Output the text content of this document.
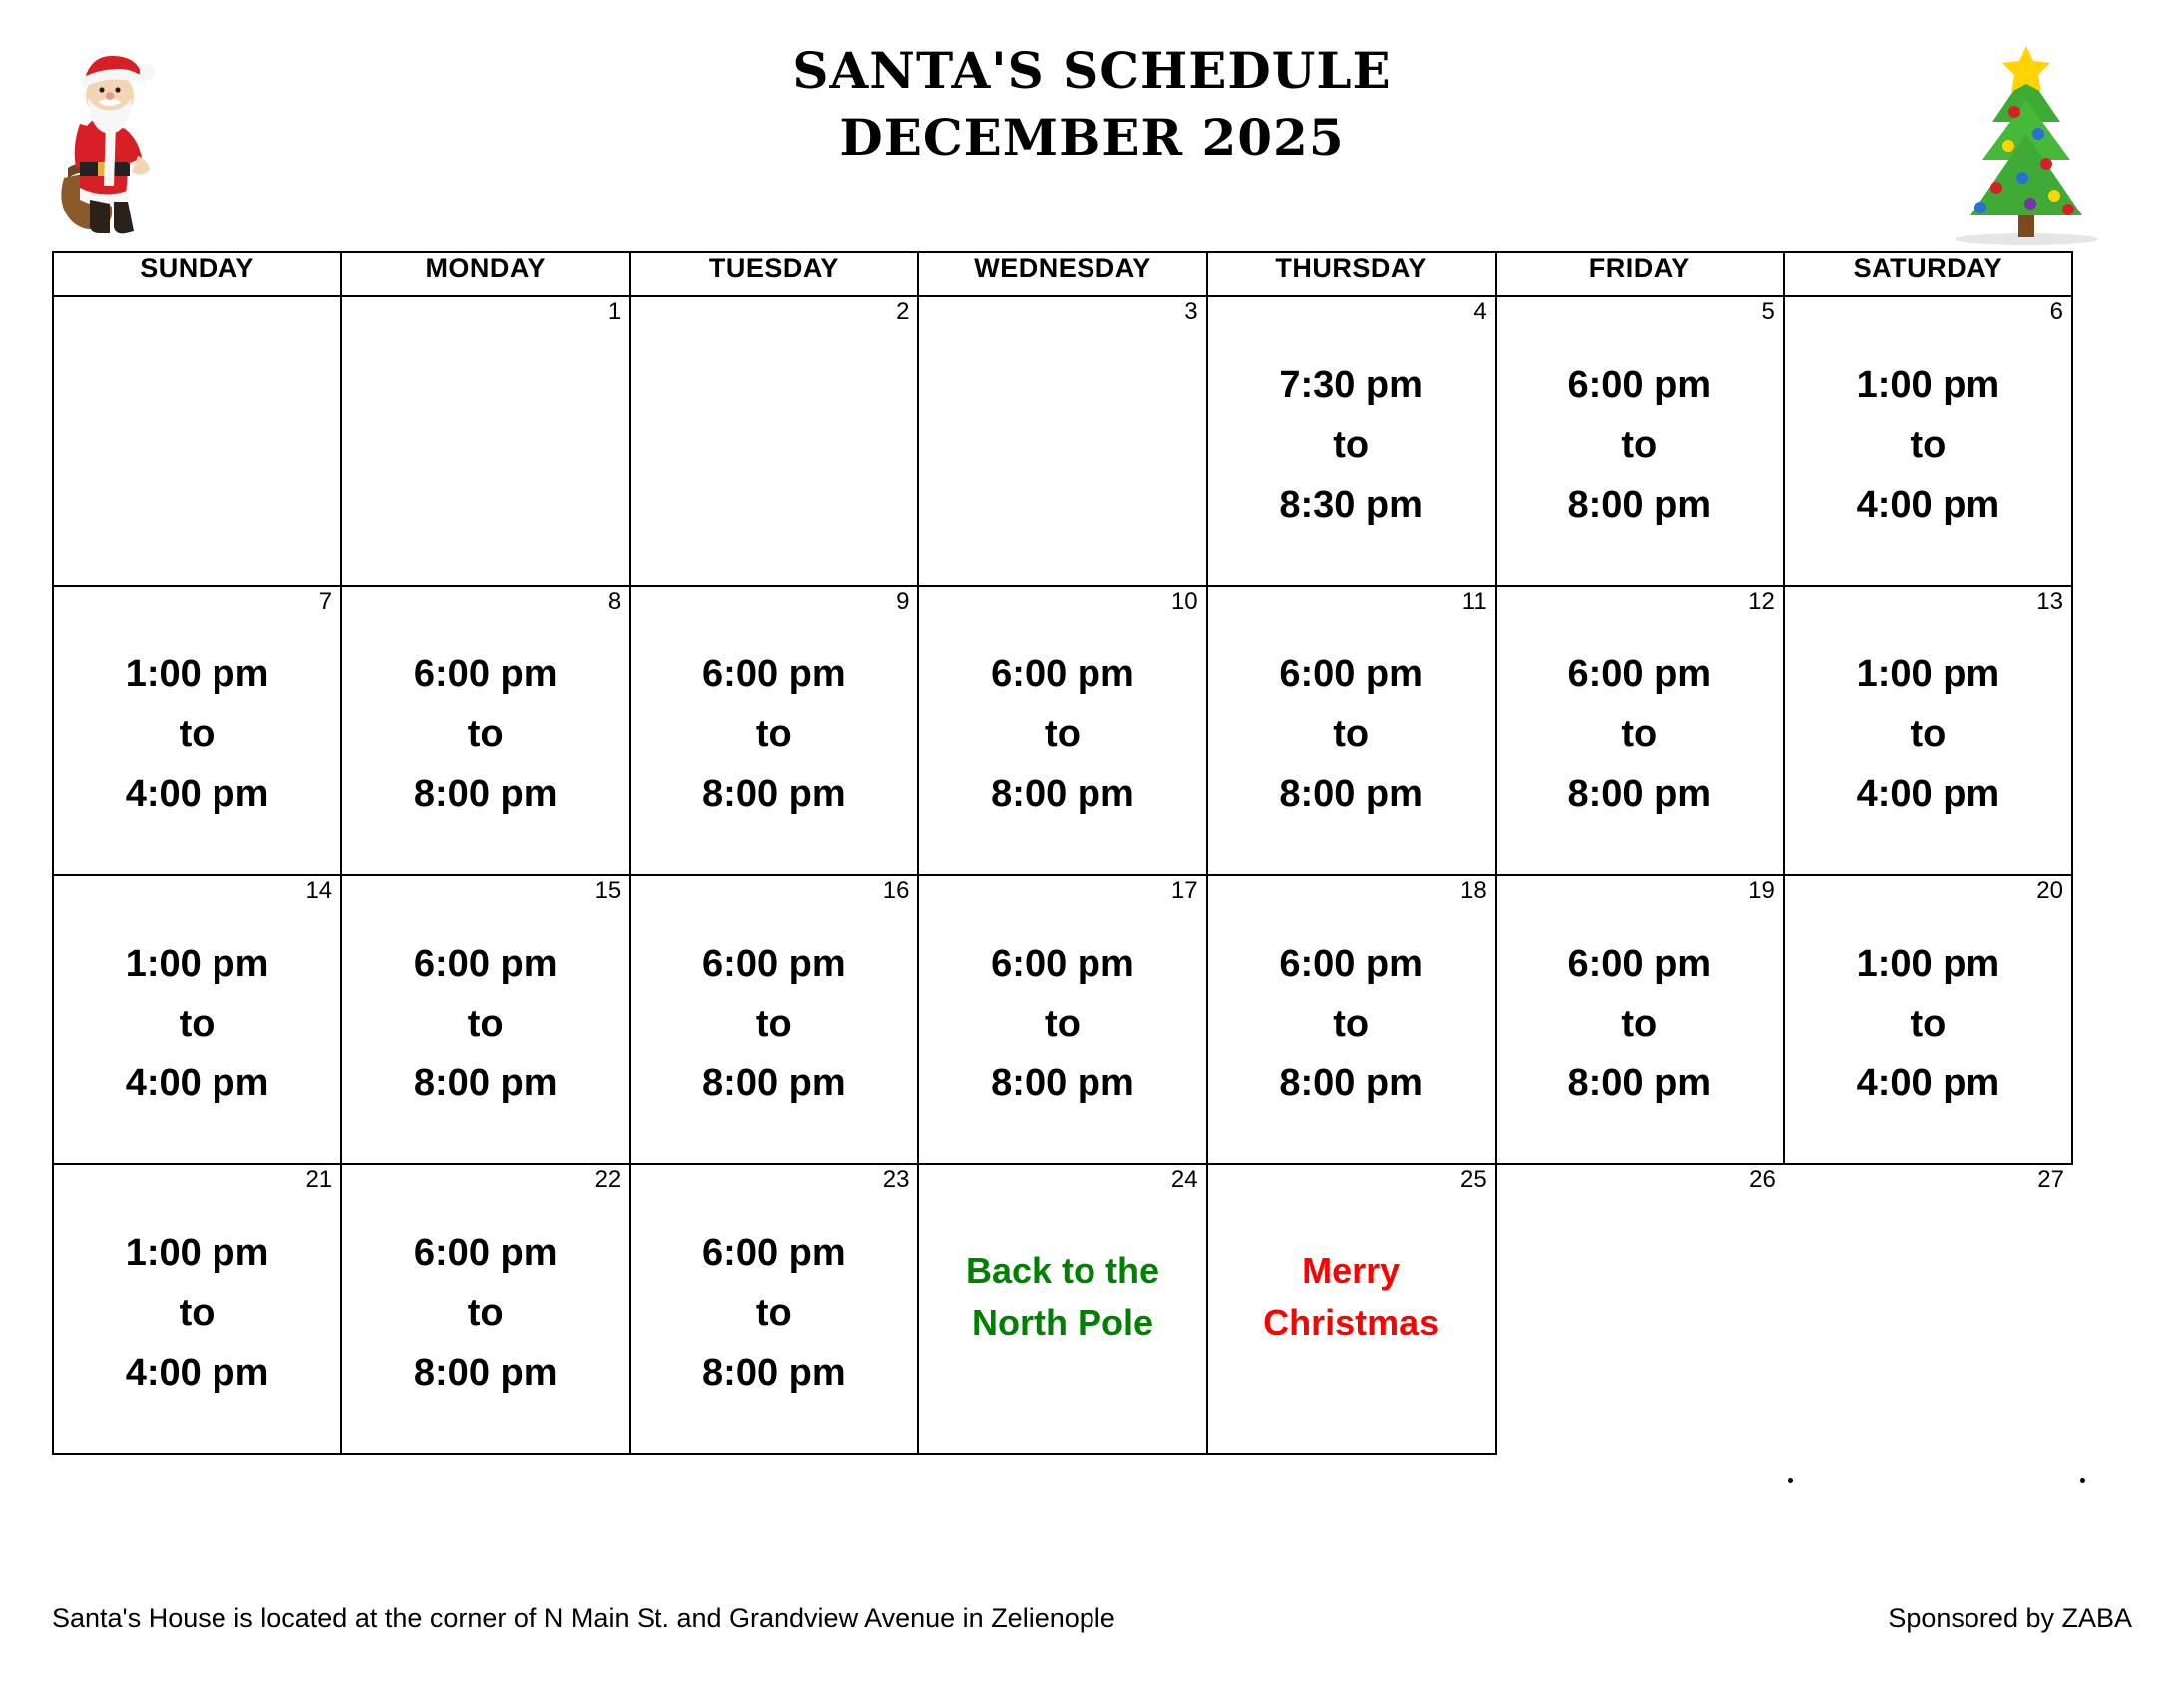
SANTA'S SCHEDULE
DECEMBER 2025
SUNDAY	MONDAY	TUESDAY	WEDNESDAY	THURSDAY	FRIDAY	SATURDAY

	1	2	3	4
7:30 pm
to
8:30 pm	5
6:00 pm
to
8:00 pm	6
1:00 pm
to
4:00 pm

7
1:00 pm
to
4:00 pm	8
6:00 pm
to
8:00 pm	9
6:00 pm
to
8:00 pm	10
6:00 pm
to
8:00 pm	11
6:00 pm
to
8:00 pm	12
6:00 pm
to
8:00 pm	13
1:00 pm
to
4:00 pm

14
1:00 pm
to
4:00 pm	15
6:00 pm
to
8:00 pm	16
6:00 pm
to
8:00 pm	17
6:00 pm
to
8:00 pm	18
6:00 pm
to
8:00 pm	19
6:00 pm
to
8:00 pm	20
1:00 pm
to
4:00 pm

21
1:00 pm
to
4:00 pm	22
6:00 pm
to
8:00 pm	23
6:00 pm
to
8:00 pm	24
Back to the
North Pole	25
Merry
Christmas	26	27
Santa's House is located at the corner of N Main St. and Grandview Avenue in Zelienople	Sponsored by ZABA
